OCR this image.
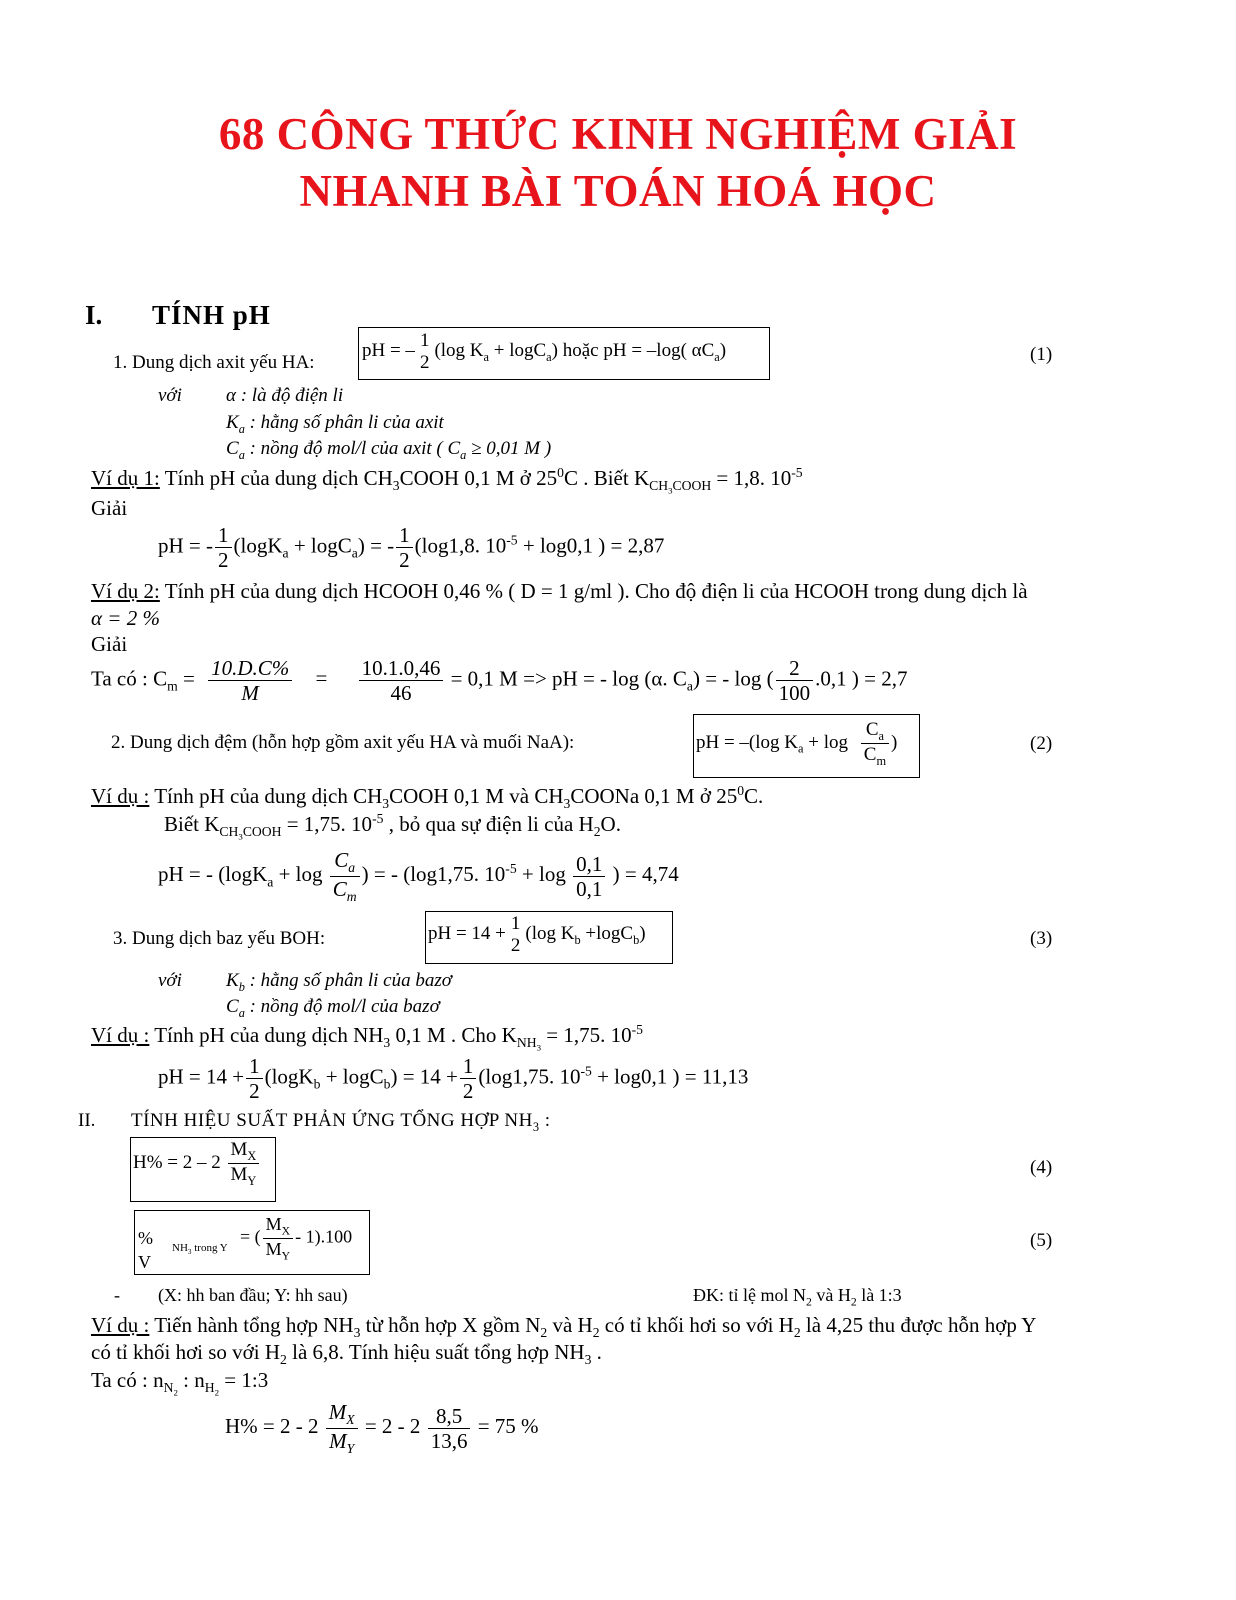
68 CÔNG THỨC KINH NGHIỆM GIẢI
NHANH BÀI TOÁN HOÁ HỌC
I. TÍNH pH
1. Dung dịch axit yếu HA:
pH = – 1
2
(log $K_a + \log C_a$) hoặc pH = –log( $\alpha C_a$)	(1)
với α : là độ điện li
$K_a$ : hằng số phân li của axit
$C_a$ : nồng độ mol/l của axit ( $C_a \ge 0,01$ M )
Ví dụ 1: Tính pH của dung dịch $CH_3COOH$ 0,1 M ở $25^0C$ . Biết $K_{CH_3COOH} = 1,8$. $10^{-5}$
Giải
pH = - $\frac{1}{2} (\log K_a + \log C_a)$ = - $\frac{1}{2} (\log 1,8$. $10^{-5} + \log 0,1$ ) = 2,87
Ví dụ 2: Tính pH của dung dịch HCOOH 0,46 % ( D = 1 g/ml ). Cho độ điện li của HCOOH trong dung dịch là
α = 2 %
Giải
Ta có : $C_m = \frac{10.D.C\%}{M} = \frac{10.1.0,46}{46} = 0,1$ M => pH = - log (α. $C_a$) = - log ( $\frac{2}{100} .0,1$ ) = 2,7
2. Dung dịch đệm (hỗn hợp gồm axit yếu HA và muối NaA):	pH = –(log $K_a + \log \frac{C_a}{C_m}$ )	(2)
Ví dụ : Tính pH của dung dịch $CH_3COOH$ 0,1 M và $CH_3COONa$ 0,1 M ở $25^0C$.
Biết $K_{CH_3COOH} = 1,75$. $10^{-5}$ , bỏ qua sự điện li của $H_2O$.
pH = - ($\log K_a + \log \frac{C_a}{C_m}$ ) = - (log1,75. $10^{-5} + \log \frac{0,1}{0,1}$ ) = 4,74
3. Dung dịch baz yếu BOH:	pH = 14 + 1
2
(log $K_b +\log C_b$)	(3)
với $K_b$ : hằng số phân li của bazơ
$C_a$ : nồng độ mol/l của bazơ
Ví dụ : Tính pH của dung dịch $NH_3$ 0,1 M . Cho $K_{NH_3} = 1,75$. $10^{-5}$
pH = $14 + \frac{1}{2} (\log K_b + \log C_b) = 14 + \frac{1}{2} (\log 1,75$. $10^{-5} + \log 0,1$ ) = 11,13
II. TÍNH HIỆU SUẤT PHẢN ỨNG TỔNG HỢP $NH_3$ :
$H\% = 2 - 2 \frac{M_X}{M_Y}$	(4)
%
V
$NH_3$ trong Y
= ( $\frac{M_X}{M_Y} - 1).100$	(5)
- (X: hh ban đầu; Y: hh sau)	ĐK: tỉ lệ mol $N_2$ và $H_2$ là 1:3
Ví dụ : Tiến hành tổng hợp $NH_3$ từ hỗn hợp X gồm $N_2$ và $H_2$ có tỉ khối hơi so với $H_2$ là 4,25 thu được hỗn hợp Y
có tỉ khối hơi so với $H_2$ là 6,8. Tính hiệu suất tổng hợp $NH_3$ .
Ta có : $n_{N_2}$ : $n_{H_2}$ = 1:3
$H\% = 2 - 2 \frac{M_X}{M_Y} = 2 - 2 \frac{8,5}{13,6} = 75$ %
